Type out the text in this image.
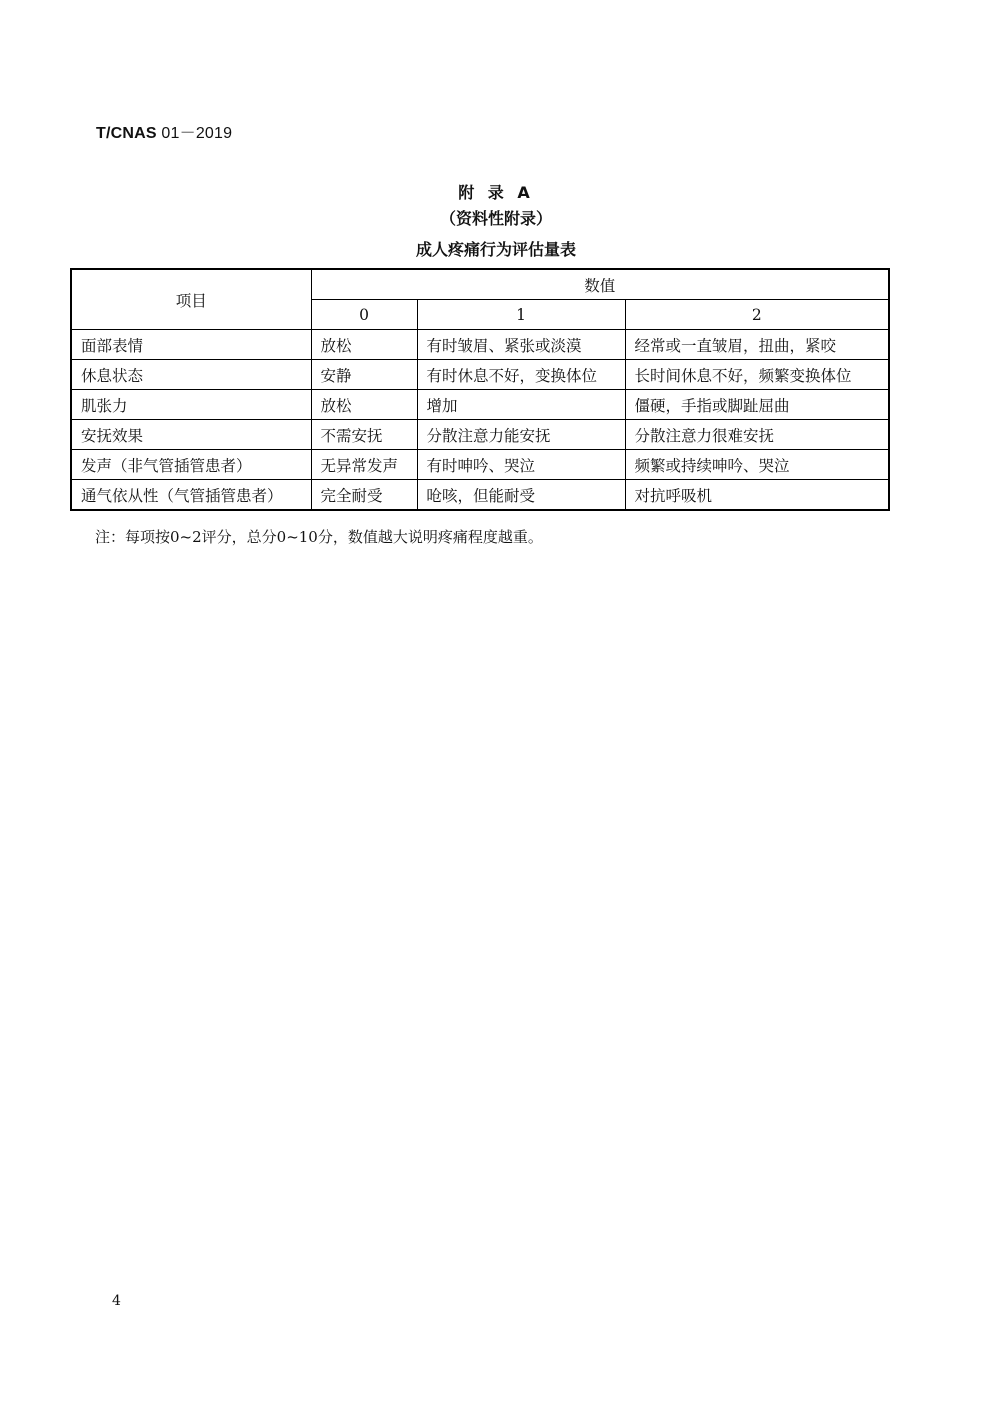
T/CNAS 01－2019
附 录 A
（资料性附录）
成人疼痛行为评估量表
项目	数值		
	0	1	2
面部表情	放松	有时皱眉、紧张或淡漠	经常或一直皱眉，扭曲，紧咬
休息状态	安静	有时休息不好，变换体位	长时间休息不好，频繁变换体位
肌张力	放松	增加	僵硬，手指或脚趾屈曲
安抚效果	不需安抚	分散注意力能安抚	分散注意力很难安抚
发声（非气管插管患者）	无异常发声	有时呻吟、哭泣	频繁或持续呻吟、哭泣
通气依从性（气管插管患者）	完全耐受	呛咳，但能耐受	对抗呼吸机
注：每项按0~2评分，总分0~10分，数值越大说明疼痛程度越重。
4
